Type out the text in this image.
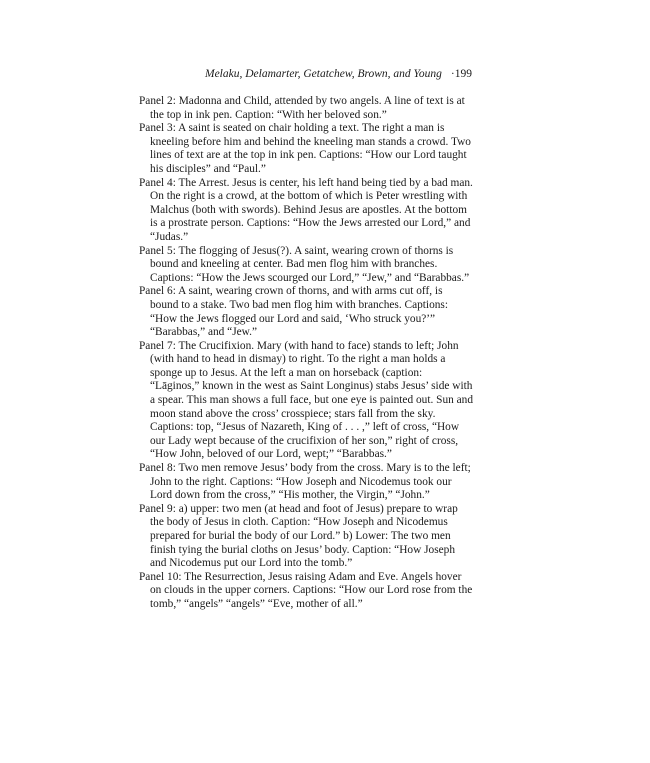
Melaku, Delamarter, Getatchew, Brown, and Young ·199

Panel 2: Madonna and Child, attended by two angels. A line of text is at the top in ink pen. Caption: “With her beloved son.”

Panel 3: A saint is seated on chair holding a text. The right a man is kneeling before him and behind the kneeling man stands a crowd. Two lines of text are at the top in ink pen. Captions: “How our Lord taught his disciples” and “Paul.”

Panel 4: The Arrest. Jesus is center, his left hand being tied by a bad man. On the right is a crowd, at the bottom of which is Peter wrestling with Malchus (both with swords). Behind Jesus are apostles. At the bottom is a prostrate person. Captions: “How the Jews arrested our Lord,” and “Judas.”

Panel 5: The flogging of Jesus(?). A saint, wearing crown of thorns is bound and kneeling at center. Bad men flog him with branches. Captions: “How the Jews scourged our Lord,” “Jew,” and “Barabbas.”

Panel 6: A saint, wearing crown of thorns, and with arms cut off, is bound to a stake. Two bad men flog him with branches. Captions: “How the Jews flogged our Lord and said, ‘Who struck you?’” “Barabbas,” and “Jew.”

Panel 7: The Crucifixion. Mary (with hand to face) stands to left; John (with hand to head in dismay) to right. To the right a man holds a sponge up to Jesus. At the left a man on horseback (caption: “Lāginos,” known in the west as Saint Longinus) stabs Jesus’ side with a spear. This man shows a full face, but one eye is painted out. Sun and moon stand above the cross’ crosspiece; stars fall from the sky. Captions: top, “Jesus of Nazareth, King of . . . ,” left of cross, “How our Lady wept because of the crucifixion of her son,” right of cross, “How John, beloved of our Lord, wept;” “Barabbas.”

Panel 8: Two men remove Jesus’ body from the cross. Mary is to the left; John to the right. Captions: “How Joseph and Nicodemus took our Lord down from the cross,” “His mother, the Virgin,” “John.”

Panel 9: a) upper: two men (at head and foot of Jesus) prepare to wrap the body of Jesus in cloth. Caption: “How Joseph and Nicodemus prepared for burial the body of our Lord.” b) Lower: The two men finish tying the burial cloths on Jesus’ body. Caption: “How Joseph and Nicodemus put our Lord into the tomb.”

Panel 10: The Resurrection, Jesus raising Adam and Eve. Angels hover on clouds in the upper corners. Captions: “How our Lord rose from the tomb,” “angels” “angels” “Eve, mother of all.”
